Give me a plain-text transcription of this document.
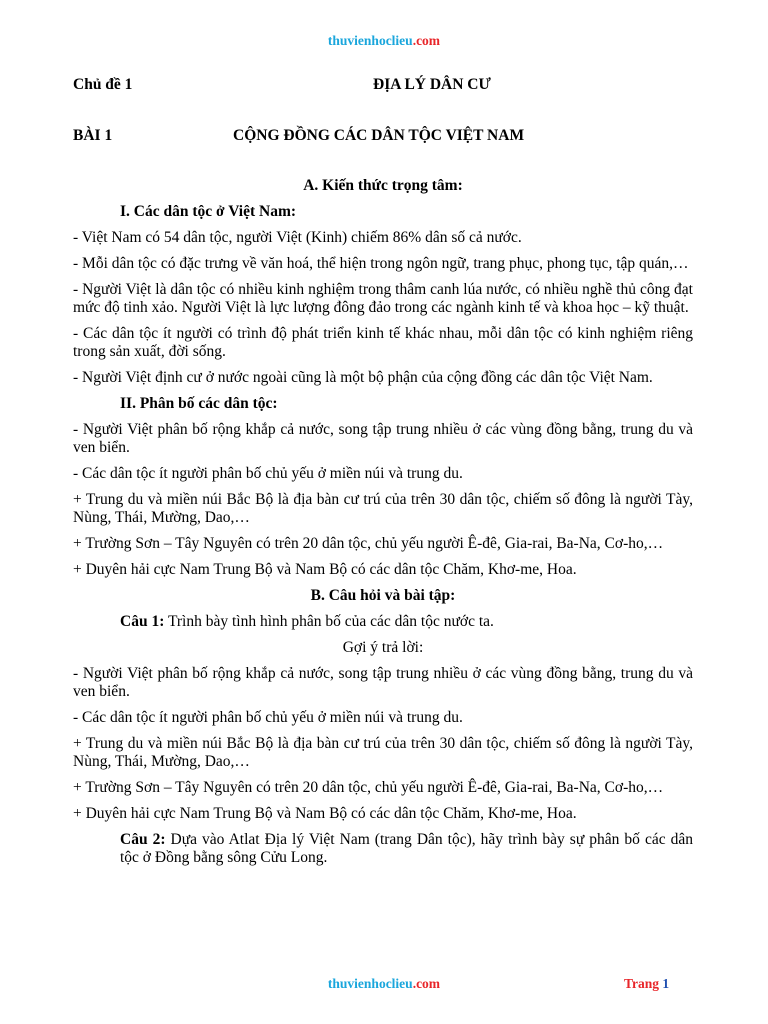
thuvienhoclieu.com
Chủ đề 1	ĐỊA LÝ DÂN CƯ
BÀI 1	CỘNG ĐỒNG CÁC DÂN TỘC VIỆT NAM

A. Kiến thức trọng tâm:

I. Các dân tộc ở Việt Nam:

- Việt Nam có 54 dân tộc, người Việt (Kinh) chiếm 86% dân số cả nước.

- Mỗi dân tộc có đặc trưng về văn hoá, thể hiện trong ngôn ngữ, trang phục, phong tục, tập quán,…

- Người Việt là dân tộc có nhiều kinh nghiệm trong thâm canh lúa nước, có nhiều nghề thủ công đạt mức độ tinh xảo. Người Việt là lực lượng đông đảo trong các ngành kinh tế và khoa học – kỹ thuật.

- Các dân tộc ít người có trình độ phát triển kinh tế khác nhau, mỗi dân tộc có kinh nghiệm riêng trong sản xuất, đời sống.

- Người Việt định cư ở nước ngoài cũng là một bộ phận của cộng đồng các dân tộc Việt Nam.

II. Phân bố các dân tộc:

- Người Việt phân bố rộng khắp cả nước, song tập trung nhiều ở các vùng đồng bằng, trung du và ven biển.

- Các dân tộc ít người phân bố chủ yếu ở miền núi và trung du.

+ Trung du và miền núi Bắc Bộ là địa bàn cư trú của trên 30 dân tộc, chiếm số đông là người Tày, Nùng, Thái, Mường, Dao,…

+ Trường Sơn – Tây Nguyên có trên 20 dân tộc, chủ yếu người Ê-đê, Gia-rai, Ba-Na, Cơ-ho,…

+ Duyên hải cực Nam Trung Bộ và Nam Bộ có các dân tộc Chăm, Khơ-me, Hoa.

B. Câu hỏi và bài tập:

Câu 1: Trình bày tình hình phân bố của các dân tộc nước ta.

Gợi ý trả lời:

- Người Việt phân bố rộng khắp cả nước, song tập trung nhiều ở các vùng đồng bằng, trung du và ven biển.

- Các dân tộc ít người phân bố chủ yếu ở miền núi và trung du.

+ Trung du và miền núi Bắc Bộ là địa bàn cư trú của trên 30 dân tộc, chiếm số đông là người Tày, Nùng, Thái, Mường, Dao,…

+ Trường Sơn – Tây Nguyên có trên 20 dân tộc, chủ yếu người Ê-đê, Gia-rai, Ba-Na, Cơ-ho,…

+ Duyên hải cực Nam Trung Bộ và Nam Bộ có các dân tộc Chăm, Khơ-me, Hoa.

Câu 2: Dựa vào Atlat Địa lý Việt Nam (trang Dân tộc), hãy trình bày sự phân bố các dân tộc ở Đồng bằng sông Cửu Long.

thuvienhoclieu.com	Trang 1
